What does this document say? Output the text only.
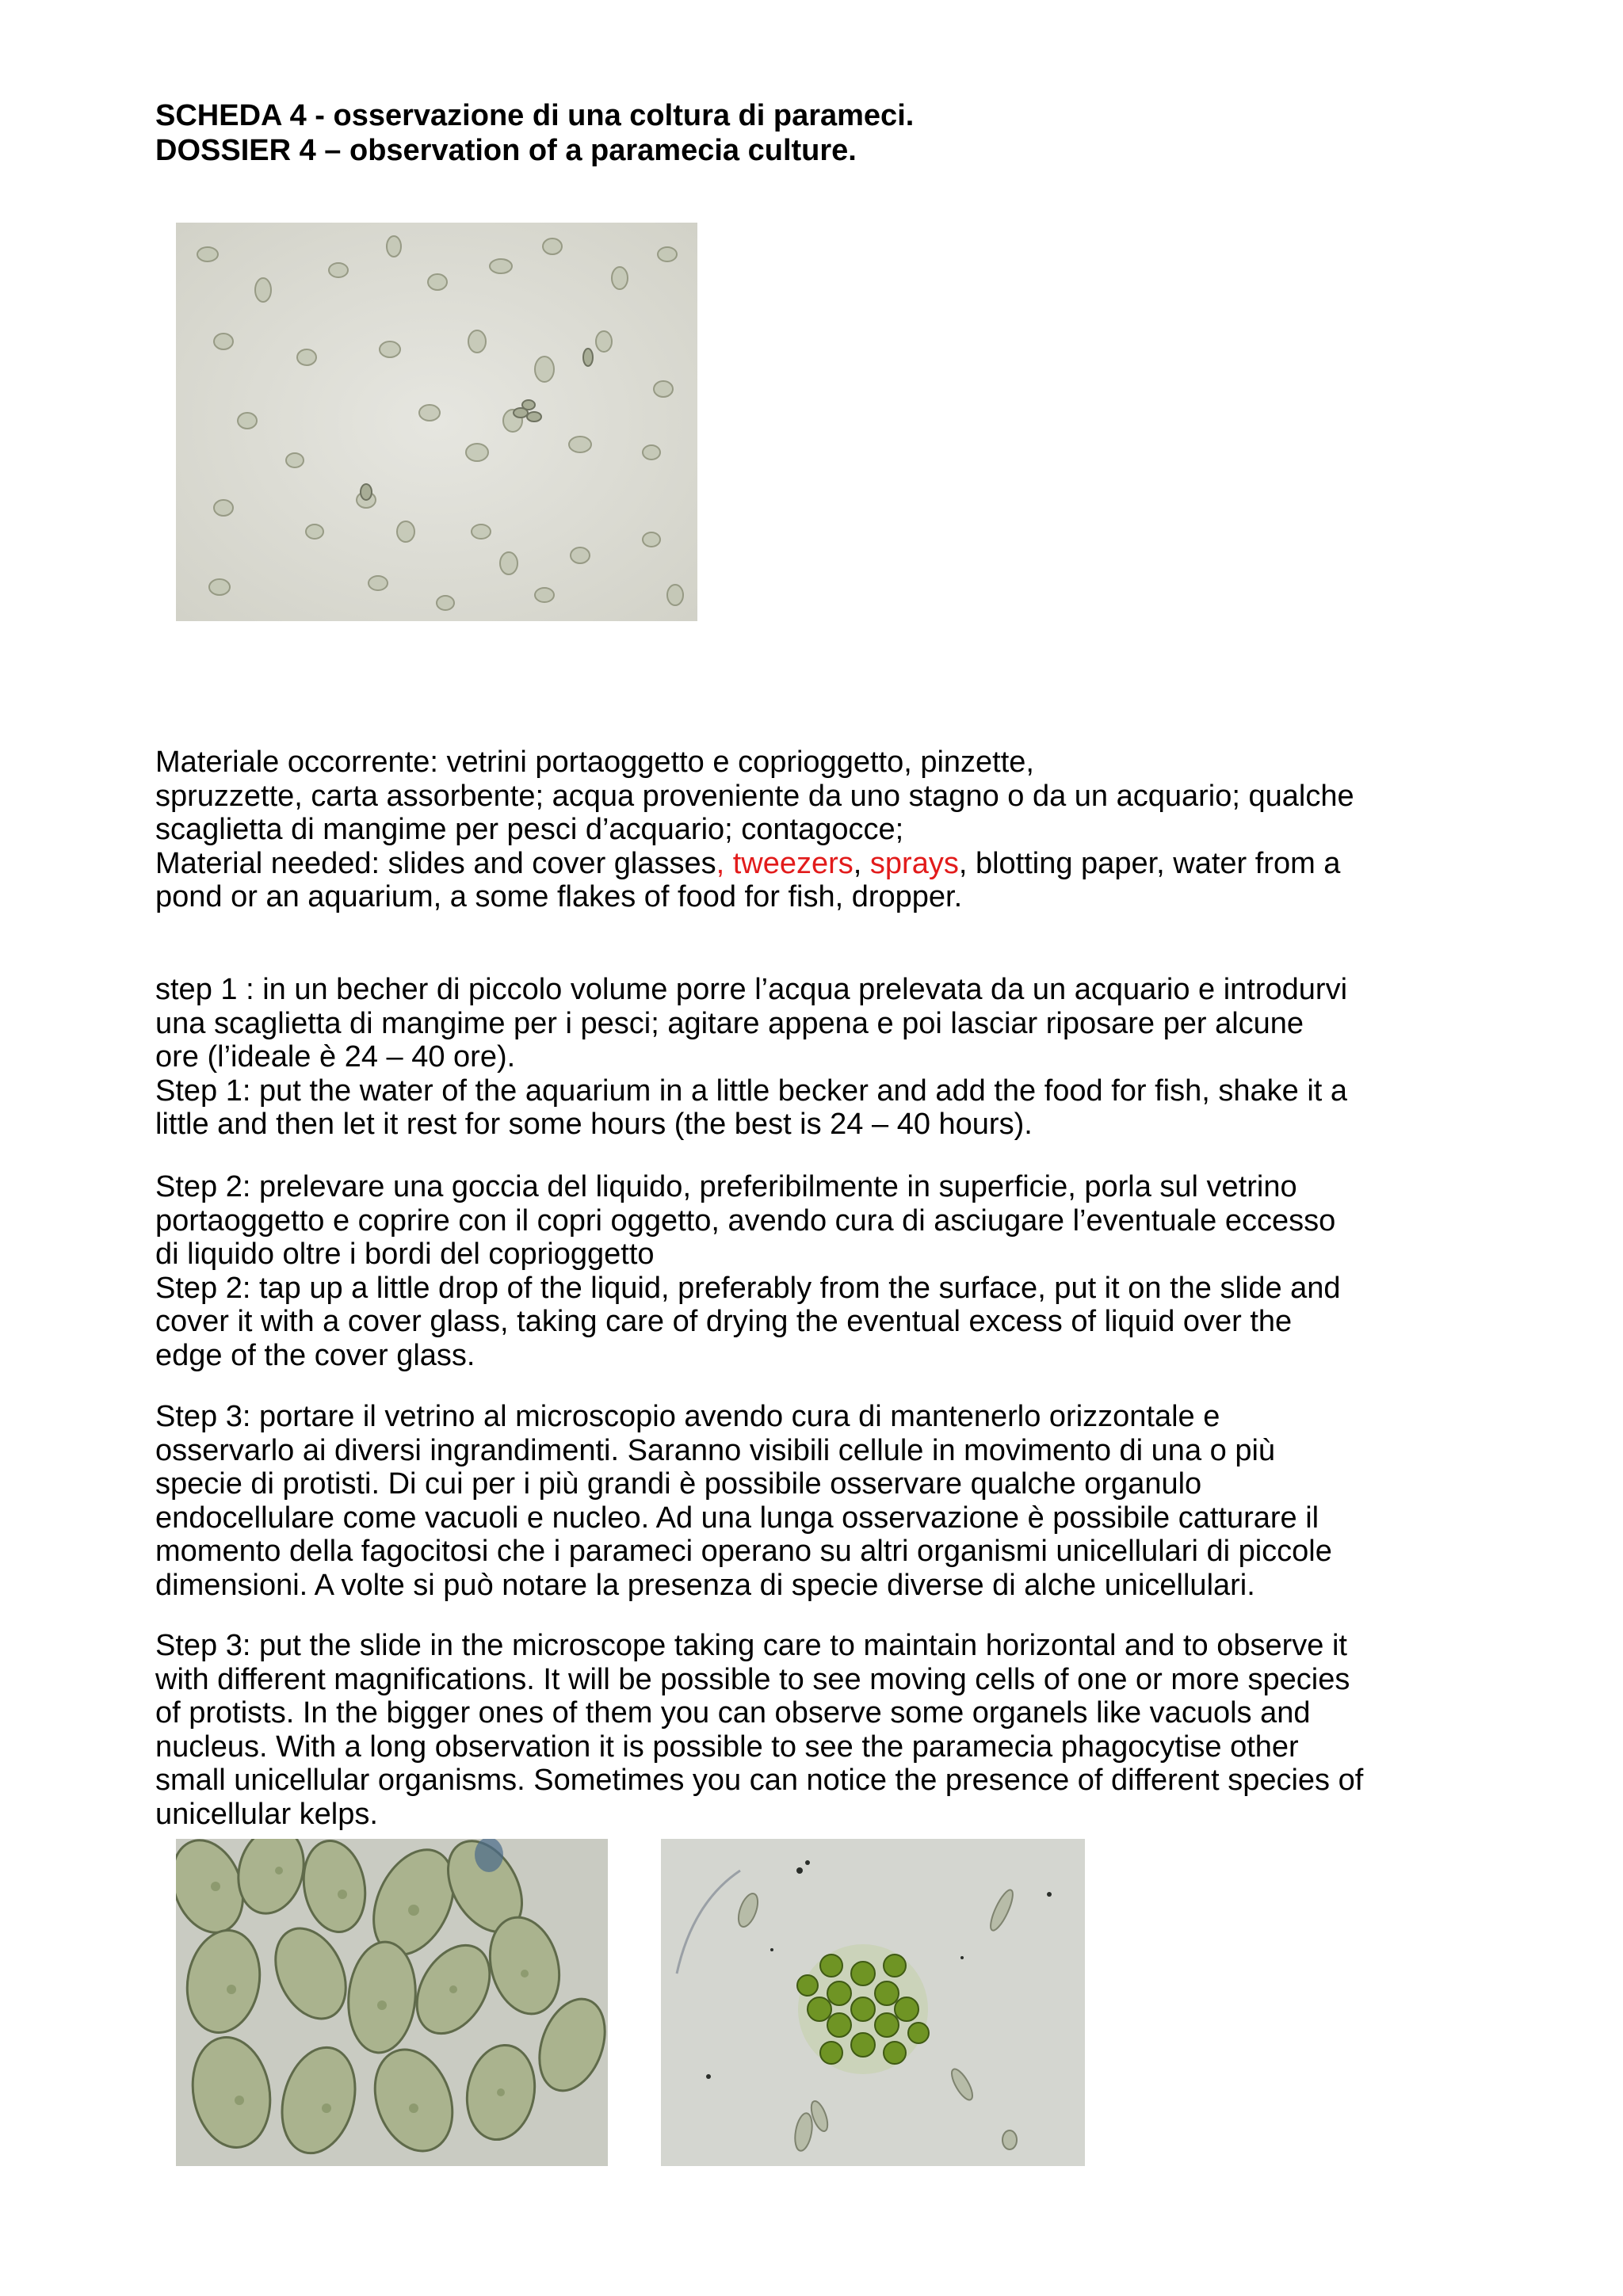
SCHEDA 4 - osservazione di una coltura di parameci.
DOSSIER 4 – observation of a paramecia culture.
Materiale occorrente: vetrini portaoggetto e coprioggetto, pinzette,
spruzzette, carta assorbente; acqua proveniente da uno stagno o da un acquario; qualche
scaglietta di mangime per pesci d’acquario; contagocce;
Material needed: slides and cover glasses, tweezers, sprays, blotting paper, water from a
pond or an aquarium, a some flakes of food for fish, dropper.
step 1 : in un becher di piccolo volume porre l’acqua prelevata da un acquario e introdurvi
una scaglietta di mangime per i pesci; agitare appena e poi lasciar riposare per alcune
ore (l’ideale è 24 – 40 ore).
Step 1: put the water of the aquarium in a little becker and add the food for fish, shake it a
little and then let it rest for some hours (the best is 24 – 40 hours).
Step 2: prelevare una goccia del liquido, preferibilmente in superficie, porla sul vetrino
portaoggetto e coprire con il copri oggetto, avendo cura di asciugare l’eventuale eccesso
di liquido oltre i bordi del coprioggetto
Step 2: tap up a little drop of the liquid, preferably from the surface, put it on the slide and
cover it with a cover glass, taking care of drying the eventual excess of liquid over the
edge of the cover glass.
Step 3: portare il vetrino al microscopio avendo cura di mantenerlo orizzontale e
osservarlo ai diversi ingrandimenti. Saranno visibili cellule in movimento di una o più
specie di protisti. Di cui per i più grandi è possibile osservare qualche organulo
endocellulare come vacuoli e nucleo. Ad una lunga osservazione è possibile catturare il
momento della fagocitosi che i parameci operano su altri organismi unicellulari di piccole
dimensioni. A volte si può notare la presenza di specie diverse di alche unicellulari.
Step 3: put the slide in the microscope taking care to maintain horizontal and to observe it
with different magnifications. It will be possible to see moving cells of one or more species
of protists. In the bigger ones of them you can observe some organels like vacuols and
nucleus. With a long observation it is possible to see the paramecia phagocytise other
small unicellular organisms. Sometimes you can notice the presence of different species of
unicellular kelps.
